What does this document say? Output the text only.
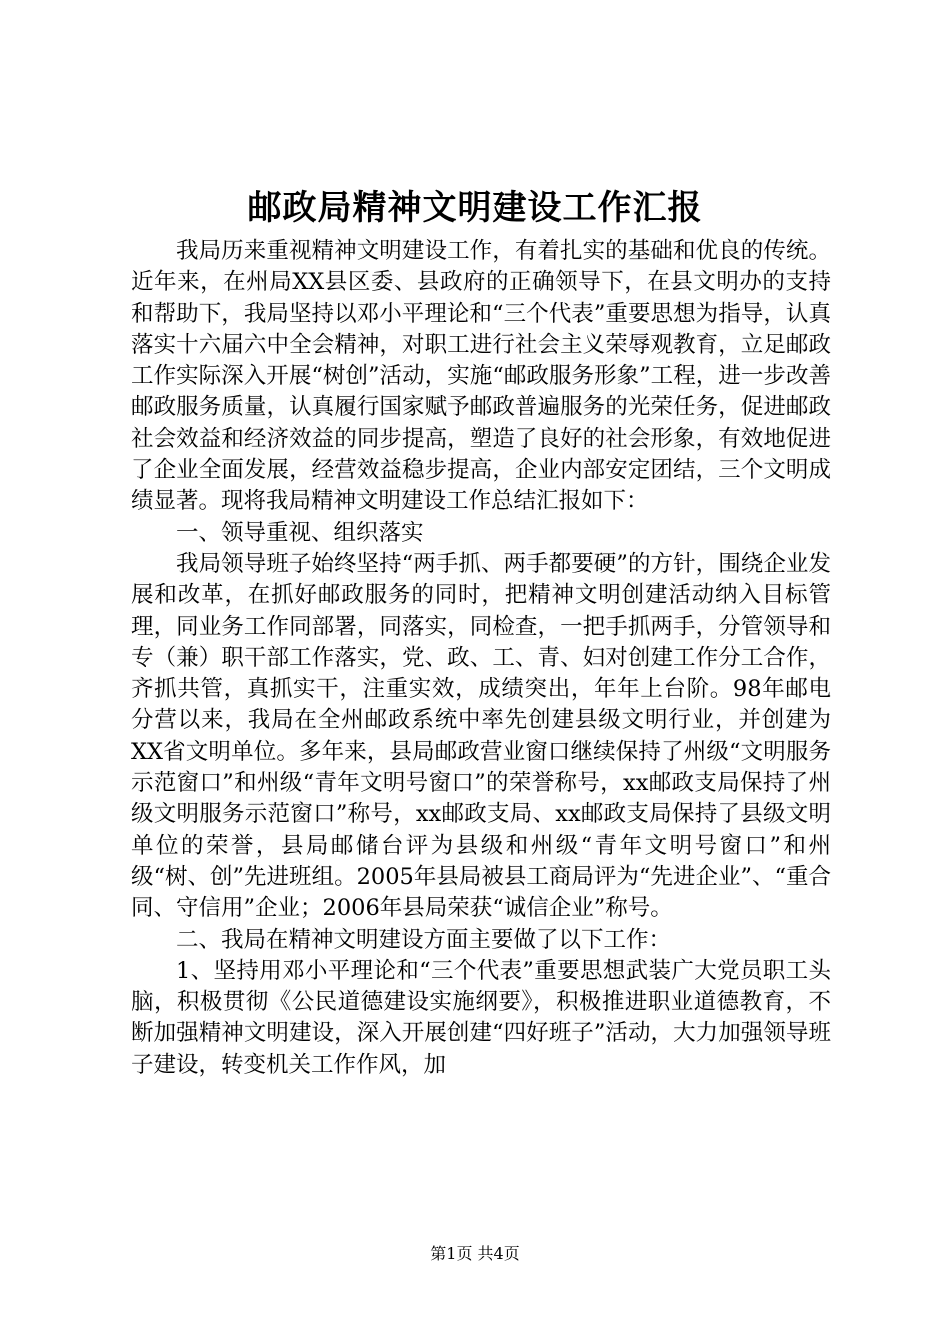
邮政局精神文明建设工作汇报

我局历来重视精神文明建设工作，有着扎实的基础和优良的传统。近年来，在州局XX县区委、县政府的正确领导下，在县文明办的支持和帮助下，我局坚持以邓小平理论和“三个代表”重要思想为指导，认真落实十六届六中全会精神，对职工进行社会主义荣辱观教育，立足邮政工作实际深入开展“树创”活动，实施“邮政服务形象”工程，进一步改善邮政服务质量，认真履行国家赋予邮政普遍服务的光荣任务，促进邮政社会效益和经济效益的同步提高，塑造了良好的社会形象，有效地促进了企业全面发展，经营效益稳步提高，企业内部安定团结，三个文明成绩显著。现将我局精神文明建设工作总结汇报如下：

一、领导重视、组织落实

我局领导班子始终坚持“两手抓、两手都要硬”的方针，围绕企业发展和改革，在抓好邮政服务的同时，把精神文明创建活动纳入目标管理，同业务工作同部署，同落实，同检查，一把手抓两手，分管领导和专（兼）职干部工作落实，党、政、工、青、妇对创建工作分工合作，齐抓共管，真抓实干，注重实效，成绩突出，年年上台阶。98年邮电分营以来，我局在全州邮政系统中率先创建县级文明行业，并创建为XX省文明单位。多年来，县局邮政营业窗口继续保持了州级“文明服务示范窗口”和州级“青年文明号窗口”的荣誉称号，xx邮政支局保持了州级文明服务示范窗口”称号，xx邮政支局、xx邮政支局保持了县级文明单位的荣誉，县局邮储台评为县级和州级“青年文明号窗口”和州级“树、创”先进班组。2005年县局被县工商局评为“先进企业”、“重合同、守信用”企业；2006年县局荣获“诚信企业”称号。

二、我局在精神文明建设方面主要做了以下工作：

1、坚持用邓小平理论和“三个代表”重要思想武装广大党员职工头脑，积极贯彻《公民道德建设实施纲要》，积极推进职业道德教育，不断加强精神文明建设，深入开展创建“四好班子”活动，大力加强领导班子建设，转变机关工作作风，加

第1页 共4页
